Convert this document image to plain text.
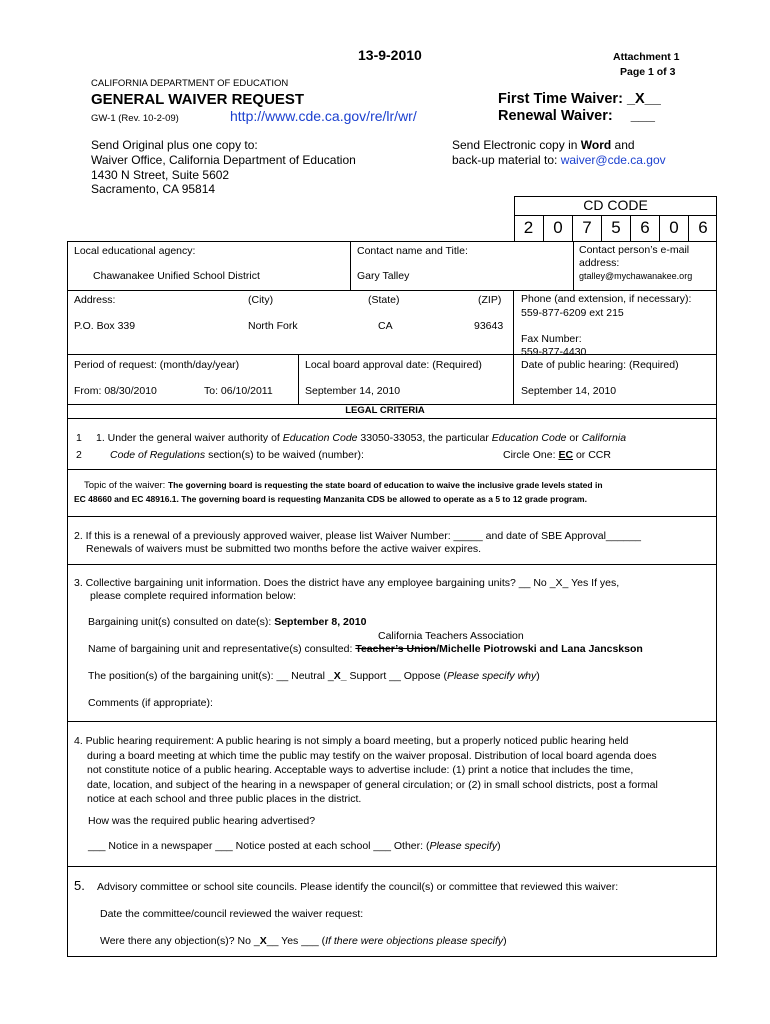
13-9-2010	Attachment 1
Page 1 of 3
CALIFORNIA DEPARTMENT OF EDUCATION
GENERAL WAIVER REQUEST
GW-1 (Rev. 10-2-09)	http://www.cde.ca.gov/re/lr/wr/
First Time Waiver: _X__
Renewal Waiver: ___
Send Original plus one copy to:
Waiver Office, California Department of Education
1430 N Street, Suite 5602
Sacramento, CA 95814
Send Electronic copy in Word and
back-up material to: waiver@cde.ca.gov
CD CODE
2	0	7	5	6	0	6
Local educational agency:
Chawanakee Unified School District
Contact name and Title:
Gary Talley
Contact person’s e-mail
address:
gtalley@mychawanakee.org
Address:	(City)	(State)	(ZIP)
P.O. Box 339	North Fork	CA	93643
Phone (and extension, if necessary):
559-877-6209 ext 215
Fax Number:
559-877-4430
Period of request: (month/day/year)
From: 08/30/2010	To: 06/10/2011
Local board approval date: (Required)
September 14, 2010
Date of public hearing: (Required)
September 14, 2010
LEGAL CRITERIA
1
2
1. Under the general waiver authority of Education Code 33050-33053, the particular Education Code or California
Code of Regulations section(s) to be waived (number):	Circle One: EC or CCR
Topic of the waiver: The governing board is requesting the state board of education to waive the inclusive grade levels stated in
EC 48660 and EC 48916.1. The governing board is requesting Manzanita CDS be allowed to operate as a 5 to 12 grade program.
2. If this is a renewal of a previously approved waiver, please list Waiver Number: _____ and date of SBE Approval______
Renewals of waivers must be submitted two months before the active waiver expires.
3. Collective bargaining unit information. Does the district have any employee bargaining units? __ No _X_ Yes If yes,
please complete required information below:
Bargaining unit(s) consulted on date(s): September 8, 2010
California Teachers Association
Name of bargaining unit and representative(s) consulted: Teacher’s Union/Michelle Piotrowski and Lana Jancskson
The position(s) of the bargaining unit(s): __ Neutral _X_ Support __ Oppose (Please specify why)
Comments (if appropriate):
4. Public hearing requirement: A public hearing is not simply a board meeting, but a properly noticed public hearing held
during a board meeting at which time the public may testify on the waiver proposal. Distribution of local board agenda does
not constitute notice of a public hearing. Acceptable ways to advertise include: (1) print a notice that includes the time,
date, location, and subject of the hearing in a newspaper of general circulation; or (2) in small school districts, post a formal
notice at each school and three public places in the district.
How was the required public hearing advertised?
___ Notice in a newspaper ___ Notice posted at each school ___ Other: (Please specify)
5. Advisory committee or school site councils. Please identify the council(s) or committee that reviewed this waiver:
Date the committee/council reviewed the waiver request:
Were there any objection(s)? No _X__ Yes ___ (If there were objections please specify)
